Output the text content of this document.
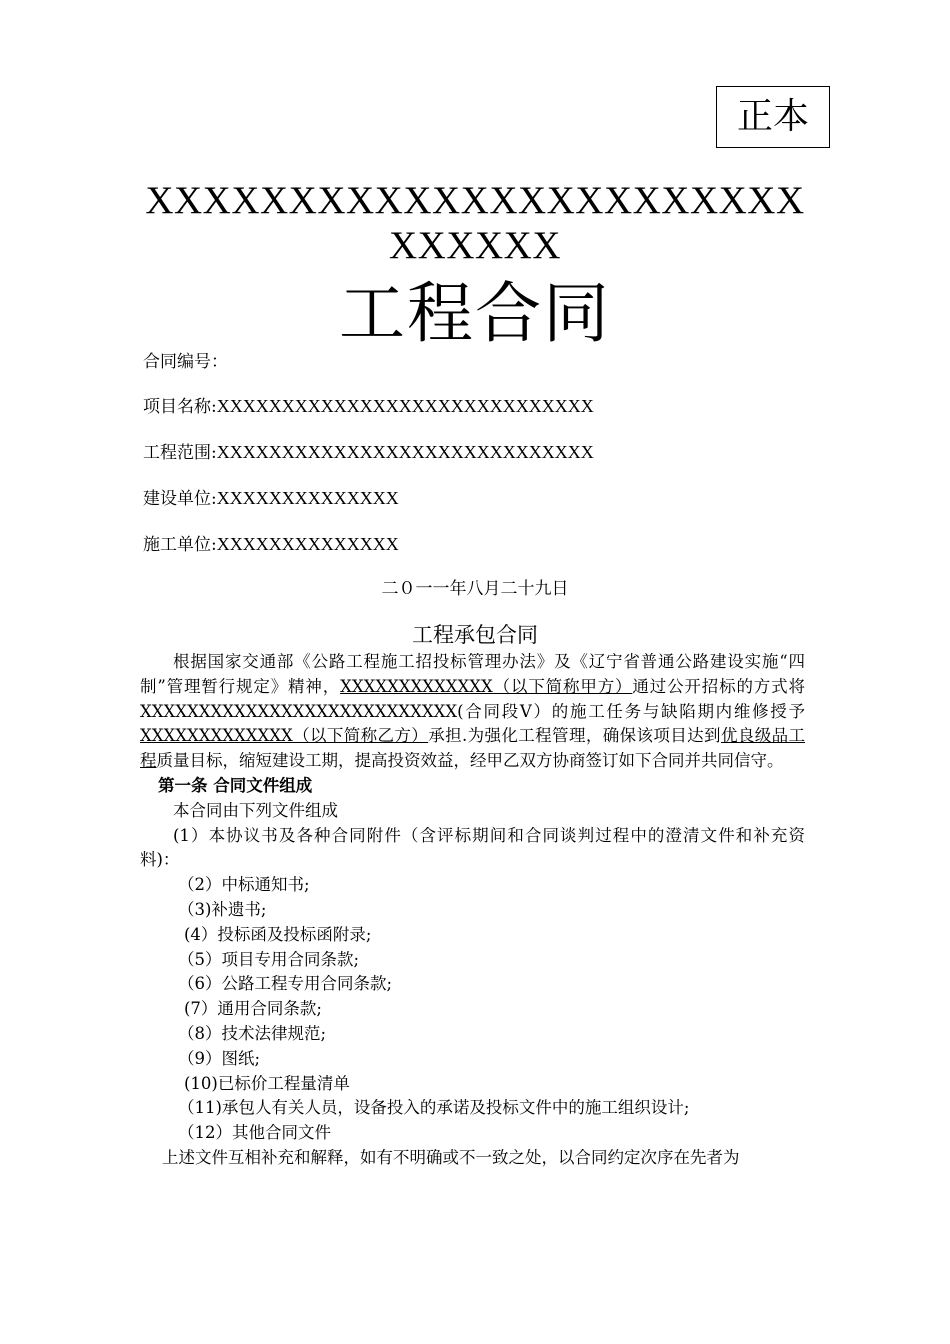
正本
XXXXXXXXXXXXXXXXXXXXXXXXXXXXX
工程合同
合同编号：
项目名称:XXXXXXXXXXXXXXXXXXXXXXXXXXXXX
工程范围:XXXXXXXXXXXXXXXXXXXXXXXXXXXXX
建设单位:XXXXXXXXXXXXXX
施工单位:XXXXXXXXXXXXXX
二０一一年八月二十九日
工程承包合同

根据国家交通部《公路工程施工招投标管理办法》及《辽宁省普通公路建设实施“四制”管理暂行规定》精神，XXXXXXXXXXXXX（以下简称甲方）通过公开招标的方式将XXXXXXXXXXXXXXXXXXXXXXXXXXX(合同段Ⅴ）的施工任务与缺陷期内维修授予XXXXXXXXXXXXX（以下简称乙方）承担.为强化工程管理，确保该项目达到优良级品工程质量目标，缩短建设工期，提高投资效益，经甲乙双方协商签订如下合同并共同信守。

第一条 合同文件组成

本合同由下列文件组成

(1）本协议书及各种合同附件（含评标期间和合同谈判过程中的澄清文件和补充资料)：

（2）中标通知书;

（3)补遗书;

(4）投标函及投标函附录;

（5）项目专用合同条款;

（6）公路工程专用合同条款;

(7）通用合同条款;

（8）技术法律规范;

（9）图纸;

(10)已标价工程量清单

（11)承包人有关人员，设备投入的承诺及投标文件中的施工组织设计;

（12）其他合同文件

上述文件互相补充和解释，如有不明确或不一致之处，以合同约定次序在先者为
